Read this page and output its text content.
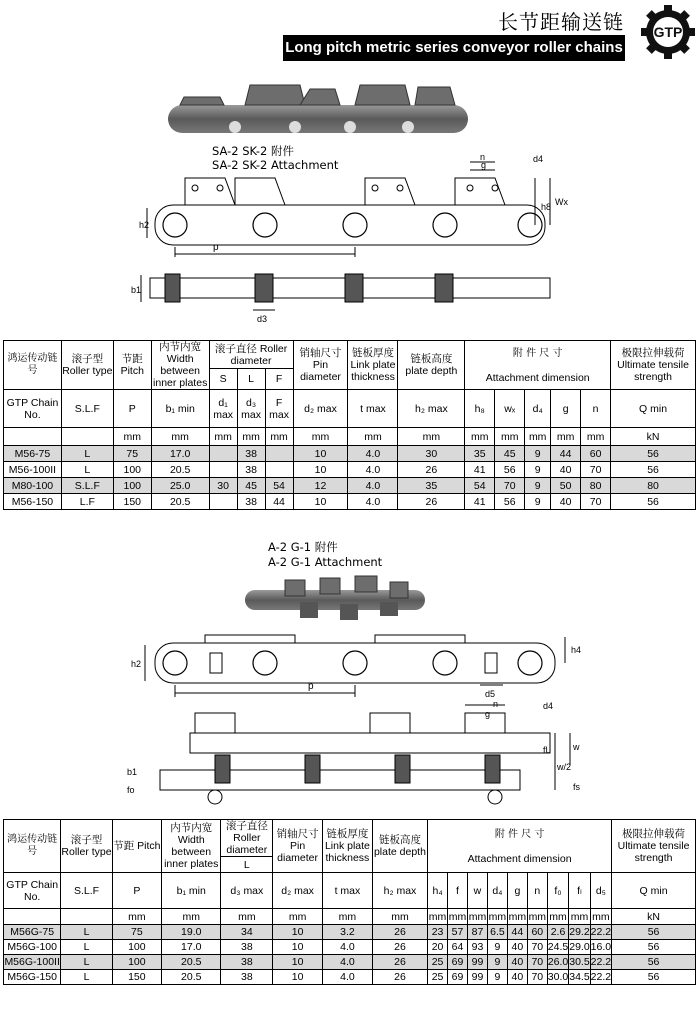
长节距输送链
Long pitch metric series conveyor roller chains
GTP
SA-2 SK-2 附件
SA-2 SK-2 Attachment
p
h2
n
g
d4
h8 Wx
b1
d3
鸿运传动链号	滚子型 Roller type	节距 Pitch	内节内宽 Width between inner plates	滚子直径 Roller diameter			销轴尺寸 Pin diameter	链板厚度 Link plate thickness	链板高度 plate depth	附 件 尺 寸

Attachment dimension					极限拉伸载荷 Ultimate tensile strength
				S	L	F									
GTP Chain No.	S.L.F	P	b₁ min	d₁ max	d₃ max	F max	d₂ max	t max	h₂ max	h₈	wₓ	d₄	g	n	Q min
		mm	mm	mm	mm	mm	mm	mm	mm	mm	mm	mm	mm	mm	kN
M56-75	L	75	17.0		38		10	4.0	30	35	45	9	44	60	56
M56-100II	L	100	20.5		38		10	4.0	26	41	56	9	40	70	56
M80-100	S.L.F	100	25.0	30	45	54	12	4.0	35	54	70	9	50	80	80
M56-150	L.F	150	20.5		38	44	10	4.0	26	41	56	9	40	70	56
A-2 G-1 附件
A-2 G-1 Attachment
p
h2
h4
d5
n
g
d4
fL w
w/2
b1
fo	fs
鸿运传动链号	滚子型 Roller type	节距 Pitch	内节内宽 Width between inner plates	滚子直径 Roller diameter	销轴尺寸 Pin diameter	链板厚度 Link plate thickness	链板高度 plate depth	附 件 尺 寸

Attachment dimension									极限拉伸载荷 Ultimate tensile strength
				L													
GTP Chain No.	S.L.F	P	b₁ min	d₃ max	d₂ max	t max	h₂ max	h₄	f	w	d₄	g	n	f₀	fₗ	d₅	Q min
		mm	mm	mm	mm	mm	mm	mm	mm	mm	mm	mm	mm	mm	mm	mm	kN
M56G-75	L	75	19.0	34	10	3.2	26	23	57	87	6.5	44	60	2.6	29.2	22.2	56
M56G-100	L	100	17.0	38	10	4.0	26	20	64	93	9	40	70	24.5	29.0	16.0	56
M56G-100II	L	100	20.5	38	10	4.0	26	25	69	99	9	40	70	26.0	30.5	22.2	56
M56G-150	L	150	20.5	38	10	4.0	26	25	69	99	9	40	70	30.0	34.5	22.2	56
